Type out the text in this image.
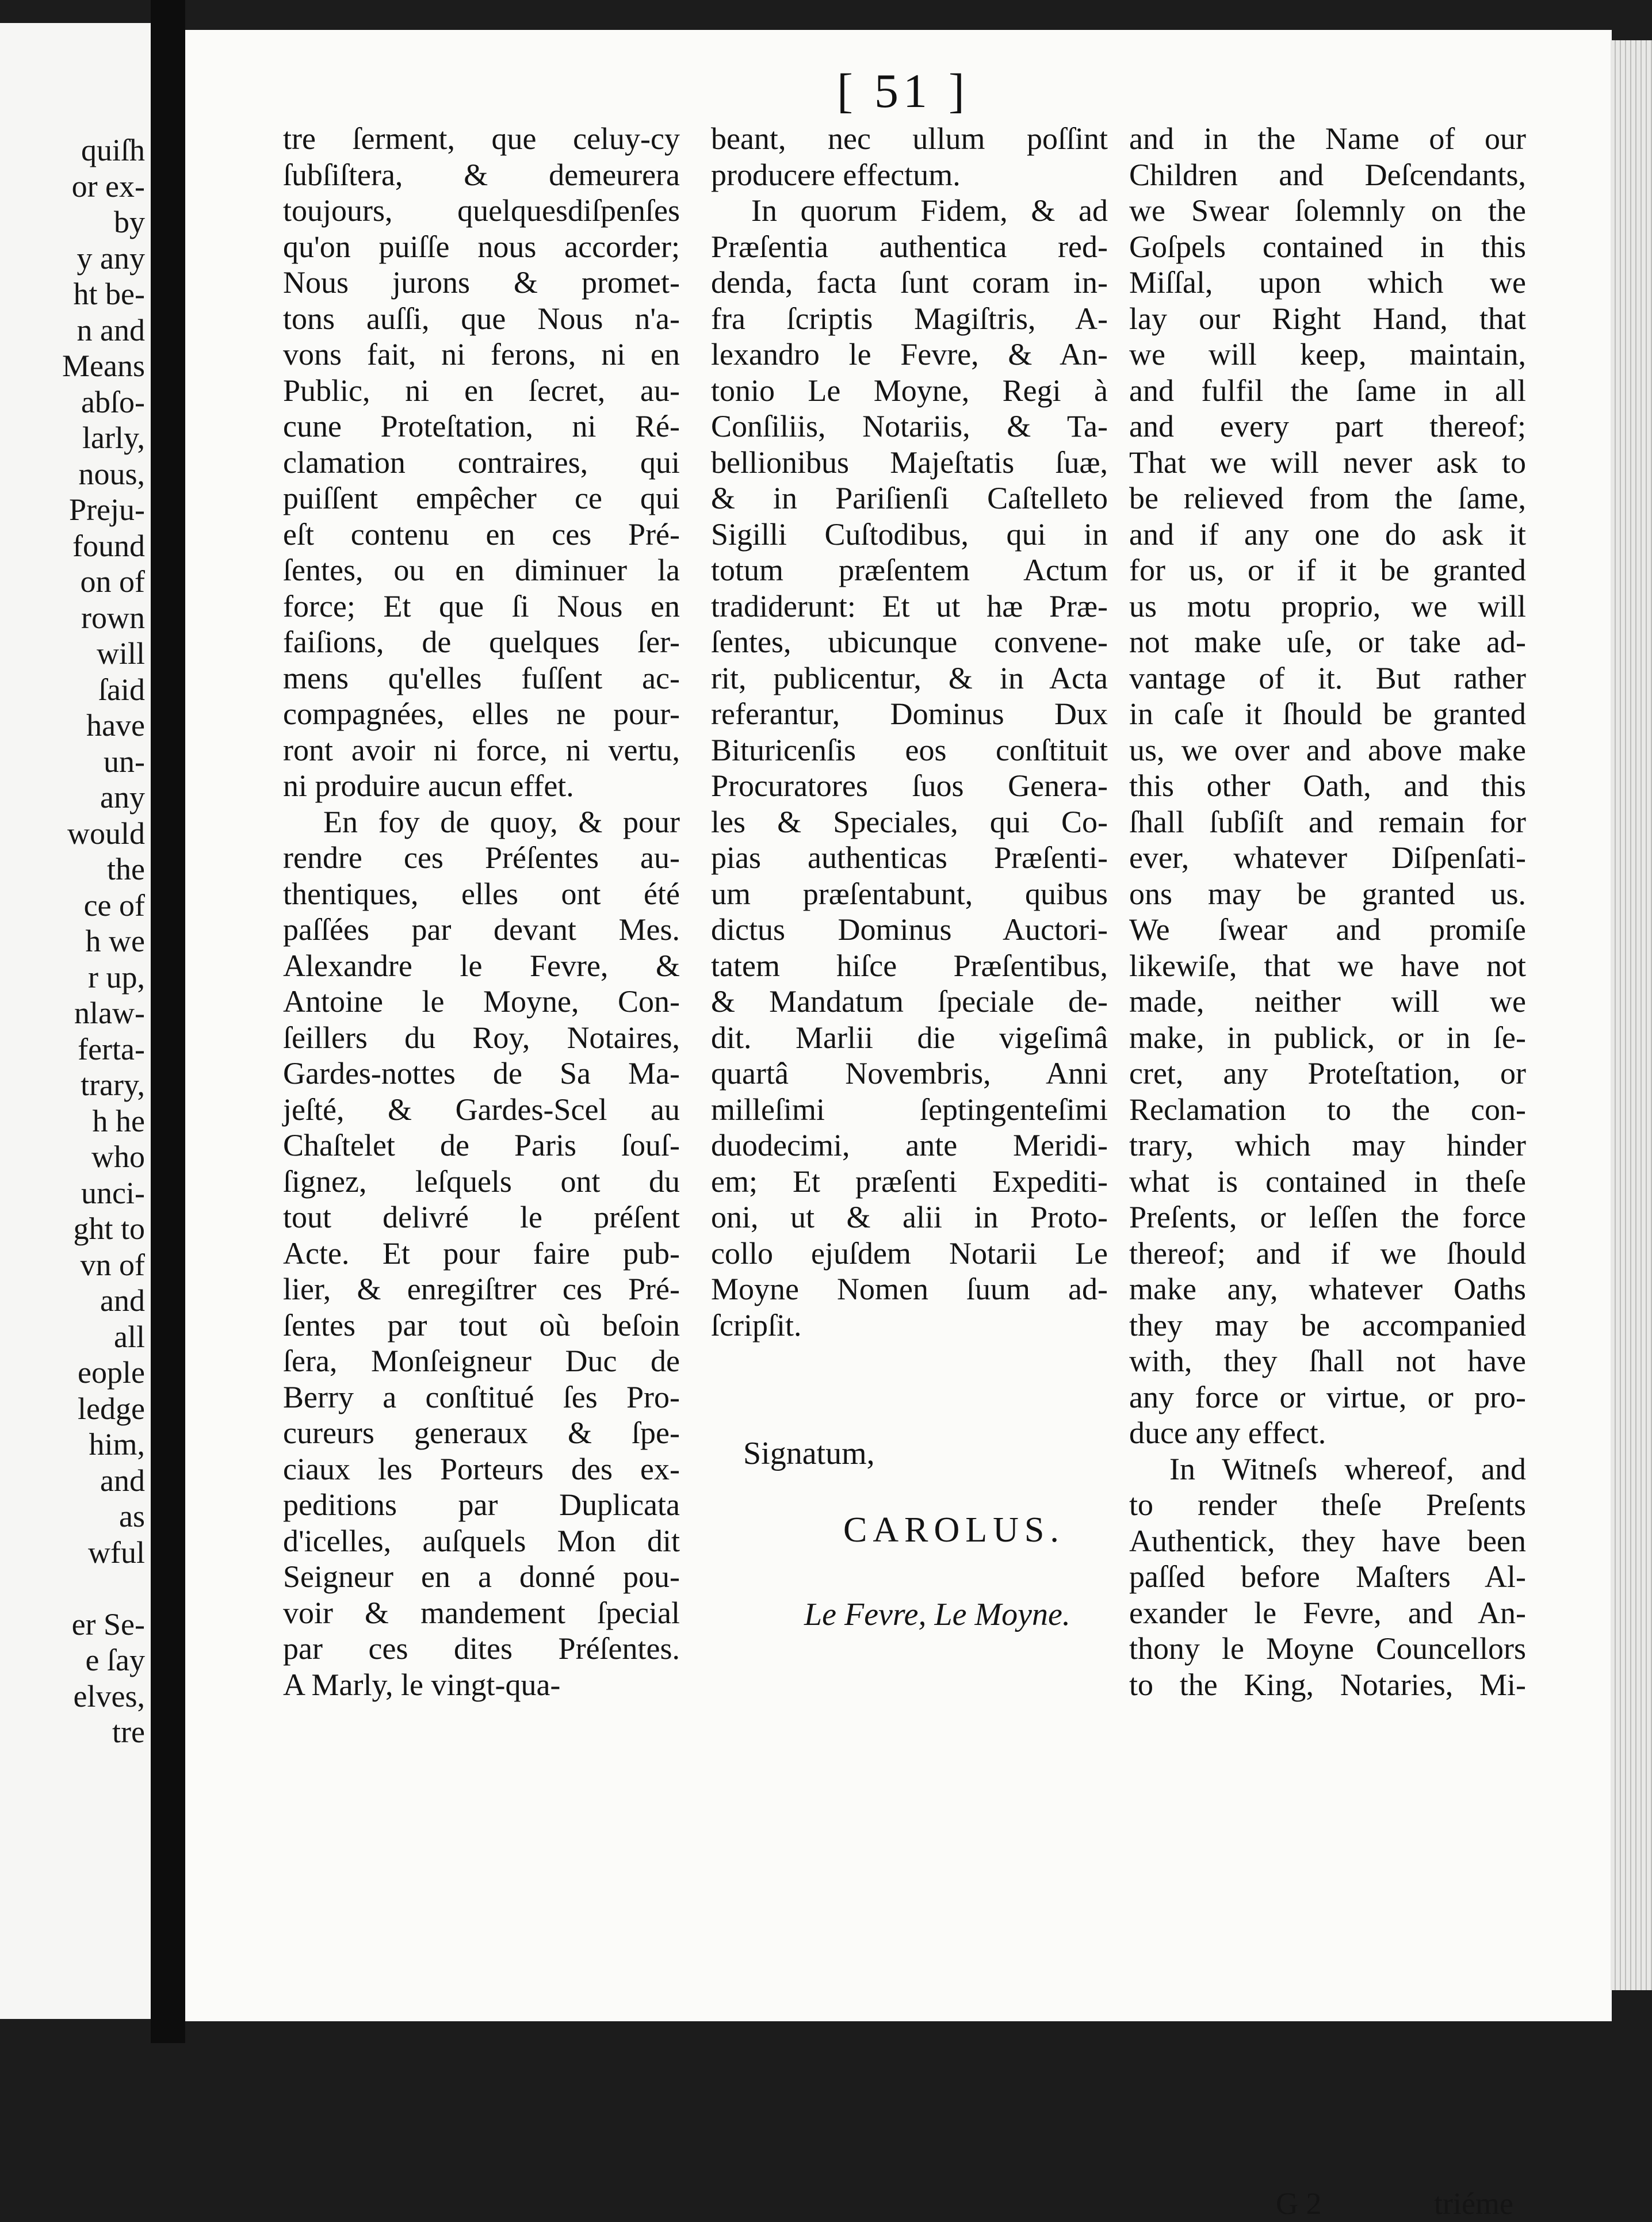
quiſh
or ex-
by
y any
ht be-
n and
Means
abſo-
larly,
nous,
Preju-
found
on of
rown
will
ſaid
have
un-
any
would
the
ce of
h we
r up,
nlaw-
ferta-
trary,
h he
who
unci-
ght to
vn of
and
all
eople
ledge
him,
and
as
wful
er Se-
e ſay
elves,
tre
[ 51 ]
tre ſerment, que celuy-cy
ſubſiſtera, & demeurera
toujours, quelquesdiſpenſes
qu'on puiſſe nous accorder;
Nous jurons & promet-
tons auſſi, que Nous n'a-
vons fait, ni ferons, ni en
Public, ni en ſecret, au-
cune Proteſtation, ni Ré-
clamation contraires, qui
puiſſent empêcher ce qui
eſt contenu en ces Pré-
ſentes, ou en diminuer la
force; Et que ſi Nous en
faiſions, de quelques ſer-
mens qu'elles fuſſent ac-
compagnées, elles ne pour-
ront avoir ni force, ni vertu,
ni produire aucun effet.
En foy de quoy, & pour
rendre ces Préſentes au-
thentiques, elles ont été
paſſées par devant Mes.
Alexandre le Fevre, &
Antoine le Moyne, Con-
ſeillers du Roy, Notaires,
Gardes-nottes de Sa Ma-
jeſté, & Gardes-Scel au
Chaſtelet de Paris ſouſ-
ſignez, leſquels ont du
tout delivré le préſent
Acte. Et pour faire pub-
lier, & enregiſtrer ces Pré-
ſentes par tout où beſoin
ſera, Monſeigneur Duc de
Berry a conſtitué ſes Pro-
cureurs generaux & ſpe-
ciaux les Porteurs des ex-
peditions par Duplicata
d'icelles, auſquels Mon dit
Seigneur en a donné pou-
voir & mandement ſpecial
par ces dites Préſentes.
A Marly, le vingt-qua-
beant, nec ullum poſſint
producere effectum.
In quorum Fidem, & ad
Præſentia authentica red-
denda, facta ſunt coram in-
fra ſcriptis Magiſtris, A-
lexandro le Fevre, & An-
tonio Le Moyne, Regi à
Conſiliis, Notariis, & Ta-
bellionibus Majeſtatis ſuæ,
& in Pariſienſi Caſtelleto
Sigilli Cuſtodibus, qui in
totum præſentem Actum
tradiderunt: Et ut hæ Præ-
ſentes, ubicunque convene-
rit, publicentur, & in Acta
referantur, Dominus Dux
Bituricenſis eos conſtituit
Procuratores ſuos Genera-
les & Speciales, qui Co-
pias authenticas Præſenti-
um præſentabunt, quibus
dictus Dominus Auctori-
tatem hiſce Præſentibus,
& Mandatum ſpeciale de-
dit. Marlii die vigeſimâ
quartâ Novembris, Anni
milleſimi ſeptingenteſimi
duodecimi, ante Meridi-
em; Et præſenti Expediti-
oni, ut & alii in Proto-
collo ejuſdem Notarii Le
Moyne Nomen ſuum ad-
ſcripſit.
and in the Name of our
Children and Deſcendants,
we Swear ſolemnly on the
Goſpels contained in this
Miſſal, upon which we
lay our Right Hand, that
we will keep, maintain,
and fulfil the ſame in all
and every part thereof;
That we will never ask to
be relieved from the ſame,
and if any one do ask it
for us, or if it be granted
us motu proprio, we will
not make uſe, or take ad-
vantage of it. But rather
in caſe it ſhould be granted
us, we over and above make
this other Oath, and this
ſhall ſubſiſt and remain for
ever, whatever Diſpenſati-
ons may be granted us.
We ſwear and promiſe
likewiſe, that we have not
made, neither will we
make, in publick, or in ſe-
cret, any Proteſtation, or
Reclamation to the con-
trary, which may hinder
what is contained in theſe
Preſents, or leſſen the force
thereof; and if we ſhould
make any, whatever Oaths
they may be accompanied
with, they ſhall not have
any force or virtue, or pro-
duce any effect.
In Witneſs whereof, and
to render theſe Preſents
Authentick, they have been
paſſed before Maſters Al-
exander le Fevre, and An-
thony le Moyne Councellors
to the King, Notaries, Mi-
Signatum,
CAROLUS.
Le Fevre, Le Moyne.
G 2	triéme
